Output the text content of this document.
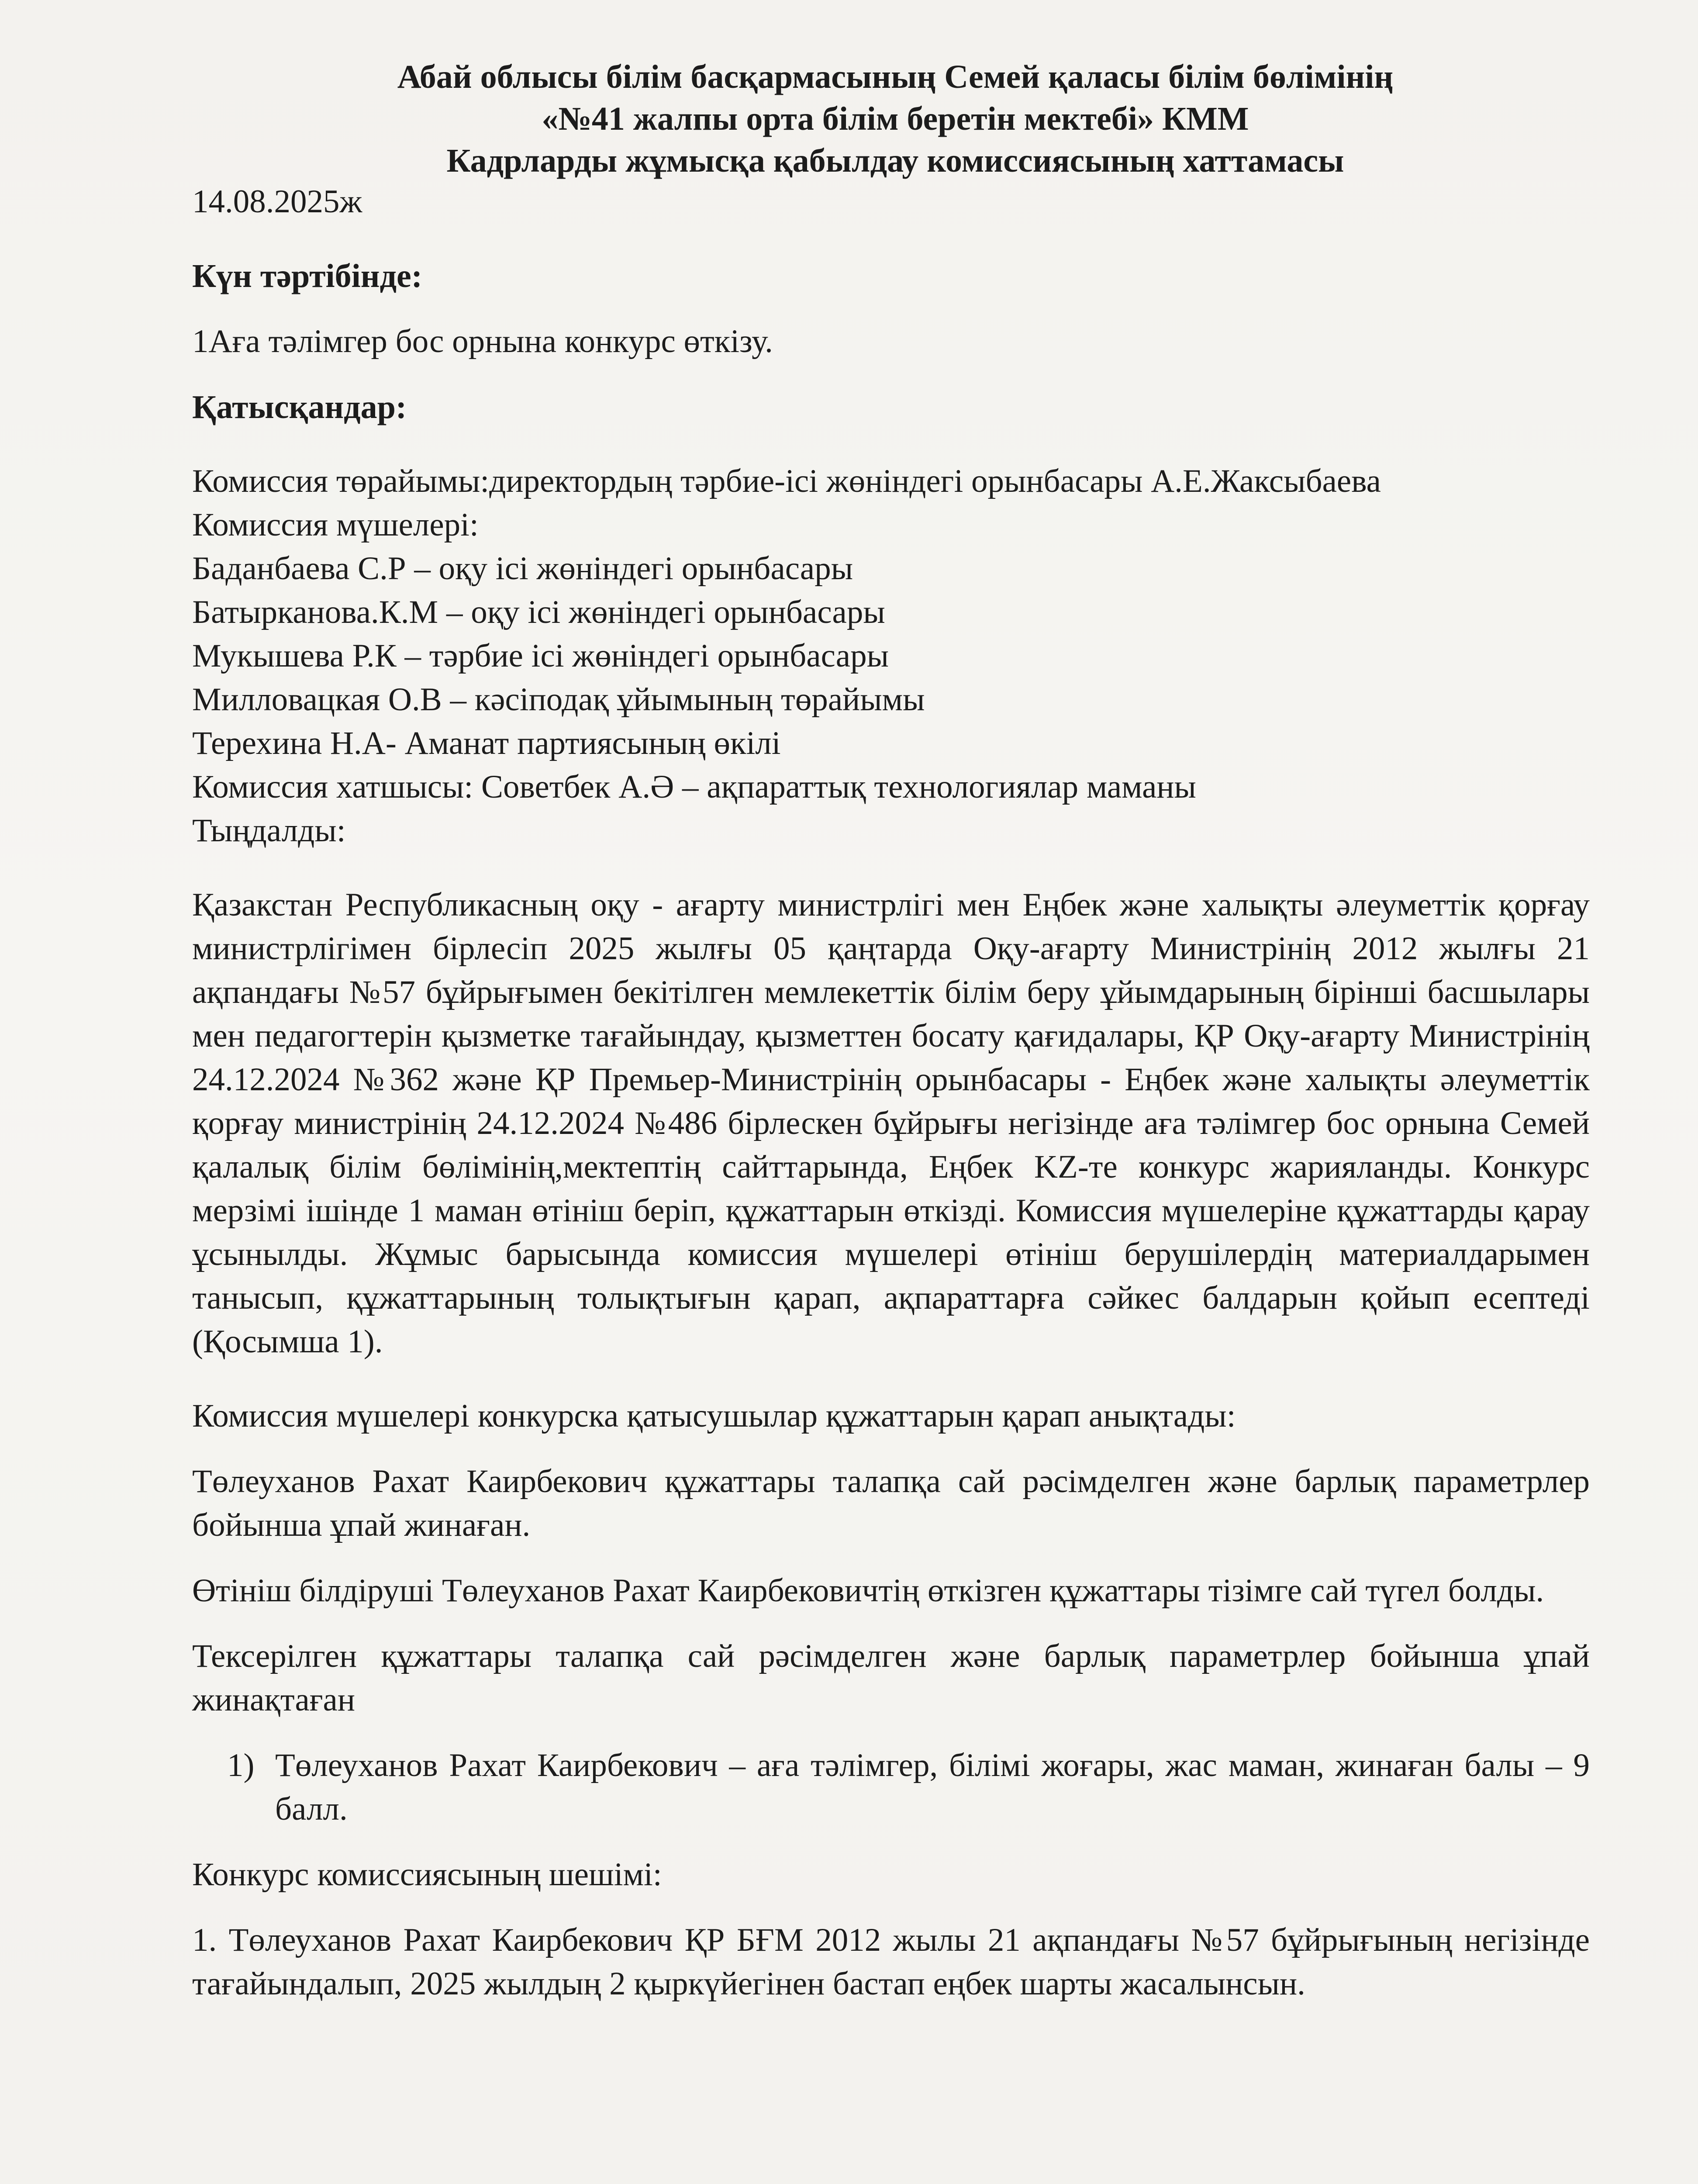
Абай облысы білім басқармасының Семей қаласы білім бөлімінің
«№41 жалпы орта білім беретін мектебі» КММ
Кадрларды жұмысқа қабылдау комиссиясының хаттамасы
14.08.2025ж
Күн тәртібінде:
1Аға тәлімгер бос орнына конкурс өткізу.
Қатысқандар:
Комиссия төрайымы:директордың тәрбие-ісі жөніндегі орынбасары А.Е.Жаксыбаева
Комиссия мүшелері:
Баданбаева С.Р – оқу ісі жөніндегі орынбасары
Батырканова.К.М – оқу ісі жөніндегі орынбасары
Мукышева Р.К – тәрбие ісі жөніндегі орынбасары
Милловацкая О.В – кәсіподақ ұйымының төрайымы
Терехина Н.А- Аманат партиясының өкілі
Комиссия хатшысы: Советбек А.Ә – ақпараттық технологиялар маманы
Тыңдалды:
Қазакстан Республикасның оқу - ағарту министрлігі мен Еңбек және халықты әлеуметтік қорғау министрлігімен бірлесіп 2025 жылғы 05 қаңтарда Оқу-ағарту Министрінің 2012 жылғы 21 ақпандағы №57 бұйрығымен бекітілген мемлекеттік білім беру ұйымдарының бірінші басшылары мен педагогтерін қызметке тағайындау, қызметтен босату қағидалары, ҚР Оқу-ағарту Министрінің 24.12.2024 №362 және ҚР Премьер-Министрінің орынбасары - Еңбек және халықты әлеуметтік қорғау министрінің 24.12.2024 №486 бірлескен бұйрығы негізінде аға тәлімгер бос орнына Семей қалалық білім бөлімінің,мектептің сайттарында, Еңбек KZ-те конкурс жарияланды. Конкурс мерзімі ішінде 1 маман өтініш беріп, құжаттарын өткізді. Комиссия мүшелеріне құжаттарды қарау ұсынылды. Жұмыс барысында комиссия мүшелері өтініш берушілердің материалдарымен танысып, құжаттарының толықтығын қарап, ақпараттарға сәйкес балдарын қойып есептеді (Қосымша 1).
Комиссия мүшелері конкурска қатысушылар құжаттарын қарап анықтады:
Төлеуханов Рахат Каирбекович құжаттары талапқа сай рәсімделген және барлық параметрлер бойынша ұпай жинаған.
Өтініш білдіруші Төлеуханов Рахат Каирбековичтің өткізген құжаттары тізімге сай түгел болды.
Тексерілген құжаттары талапқа сай рәсімделген және барлық параметрлер бойынша ұпай жинақтаған
1) Төлеуханов Рахат Каирбекович – аға тәлімгер, білімі жоғары, жас маман, жинаған балы – 9 балл.
Конкурс комиссиясының шешімі:
1. Төлеуханов Рахат Каирбекович ҚР БҒМ 2012 жылы 21 ақпандағы №57 бұйрығының негізінде тағайындалып, 2025 жылдың 2 қыркүйегінен бастап еңбек шарты жасалынсын.
